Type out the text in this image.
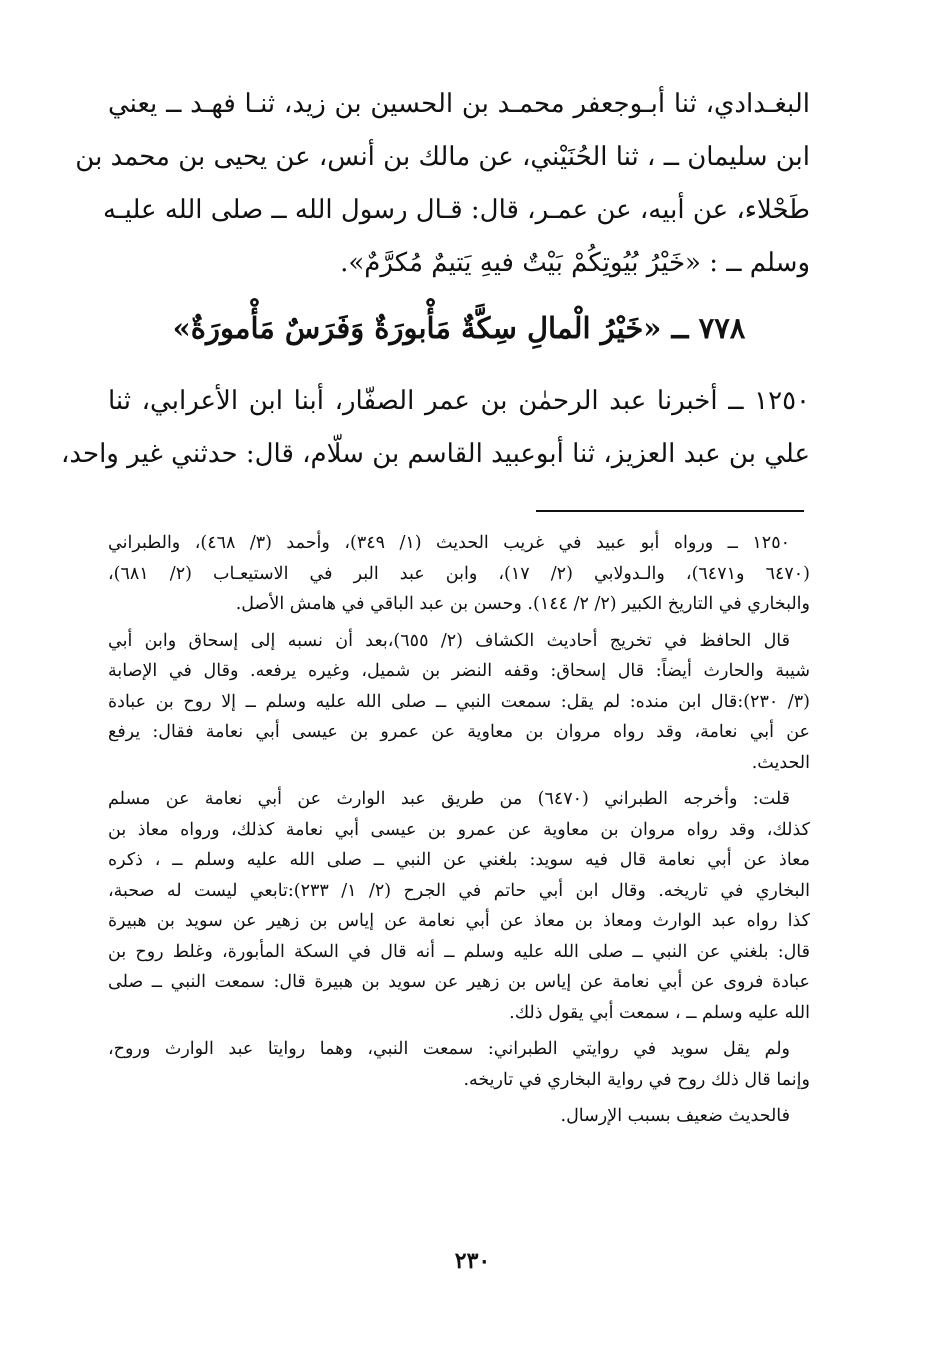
البغـدادي، ثنا أبـوجعفر محمـد بن الحسين بن زيد، ثنـا فهـد ــ يعني
ابن سليمان ــ ، ثنا الحُنَيْني، عن مالك بن أنس، عن يحيى بن محمد بن
طَحْلاء، عن أبيه، عن عمـر، قال: قـال رسول الله ــ صلى الله عليـه
وسلم ــ : «خَيْرُ بُيُوتِكُمْ بَيْتٌ فيهِ يَتيمٌ مُكرَّمٌ».
٧٧٨ ــ «خَيْرُ الْمالِ سِكَّةٌ مَأْبورَةٌ وَفَرَسٌ مَأْمورَةٌ»
١٢٥٠ ــ أخبرنا عبد الرحمٰن بن عمر الصفّار، أبنا ابن الأعرابي، ثنا
علي بن عبد العزيز، ثنا أبوعبيد القاسم بن سلّام، قال: حدثني غير واحد،
١٢٥٠ ــ ورواه أبو عبيد في غريب الحديث (١/ ٣٤٩)، وأحمد (٣/ ٤٦٨)، والطبراني
(٦٤٧٠ و٦٤٧١)، والـدولابي (٢/ ١٧)، وابن عبد البر في الاستيعـاب (٢/ ٦٨١)،
والبخاري في التاريخ الكبير (٢/ ٢/ ١٤٤). وحسن بن عبد الباقي في هامش الأصل.
قال الحافظ في تخريج أحاديث الكشاف (٢/ ٦٥٥)،بعد أن نسبه إلى إسحاق وابن أبي
شيبة والحارث أيضاً: قال إسحاق: وقفه النضر بن شميل، وغيره يرفعه. وقال في الإصابة
(٣/ ٢٣٠):قال ابن منده: لم يقل: سمعت النبي ــ صلى الله عليه وسلم ــ إلا روح بن عبادة
عن أبي نعامة، وقد رواه مروان بن معاوية عن عمرو بن عيسى أبي نعامة فقال: يرفع
الحديث.
قلت: وأخرجه الطبراني (٦٤٧٠) من طريق عبد الوارث عن أبي نعامة عن مسلم
كذلك، وقد رواه مروان بن معاوية عن عمرو بن عيسى أبي نعامة كذلك، ورواه معاذ بن
معاذ عن أبي نعامة قال فيه سويد: بلغني عن النبي ــ صلى الله عليه وسلم ــ ، ذكره
البخاري في تاريخه. وقال ابن أبي حاتم في الجرح (٢/ ١/ ٢٣٣):تابعي ليست له صحبة،
كذا رواه عبد الوارث ومعاذ بن معاذ عن أبي نعامة عن إياس بن زهير عن سويد بن هبيرة
قال: بلغني عن النبي ــ صلى الله عليه وسلم ــ أنه قال في السكة المأبورة، وغلط روح بن
عبادة فروى عن أبي نعامة عن إياس بن زهير عن سويد بن هبيرة قال: سمعت النبي ــ صلى
الله عليه وسلم ــ ، سمعت أبي يقول ذلك.
ولم يقل سويد في روايتي الطبراني: سمعت النبي، وهما روايتا عبد الوارث وروح،
وإنما قال ذلك روح في رواية البخاري في تاريخه.
فالحديث ضعيف بسبب الإرسال.
٢٣٠
